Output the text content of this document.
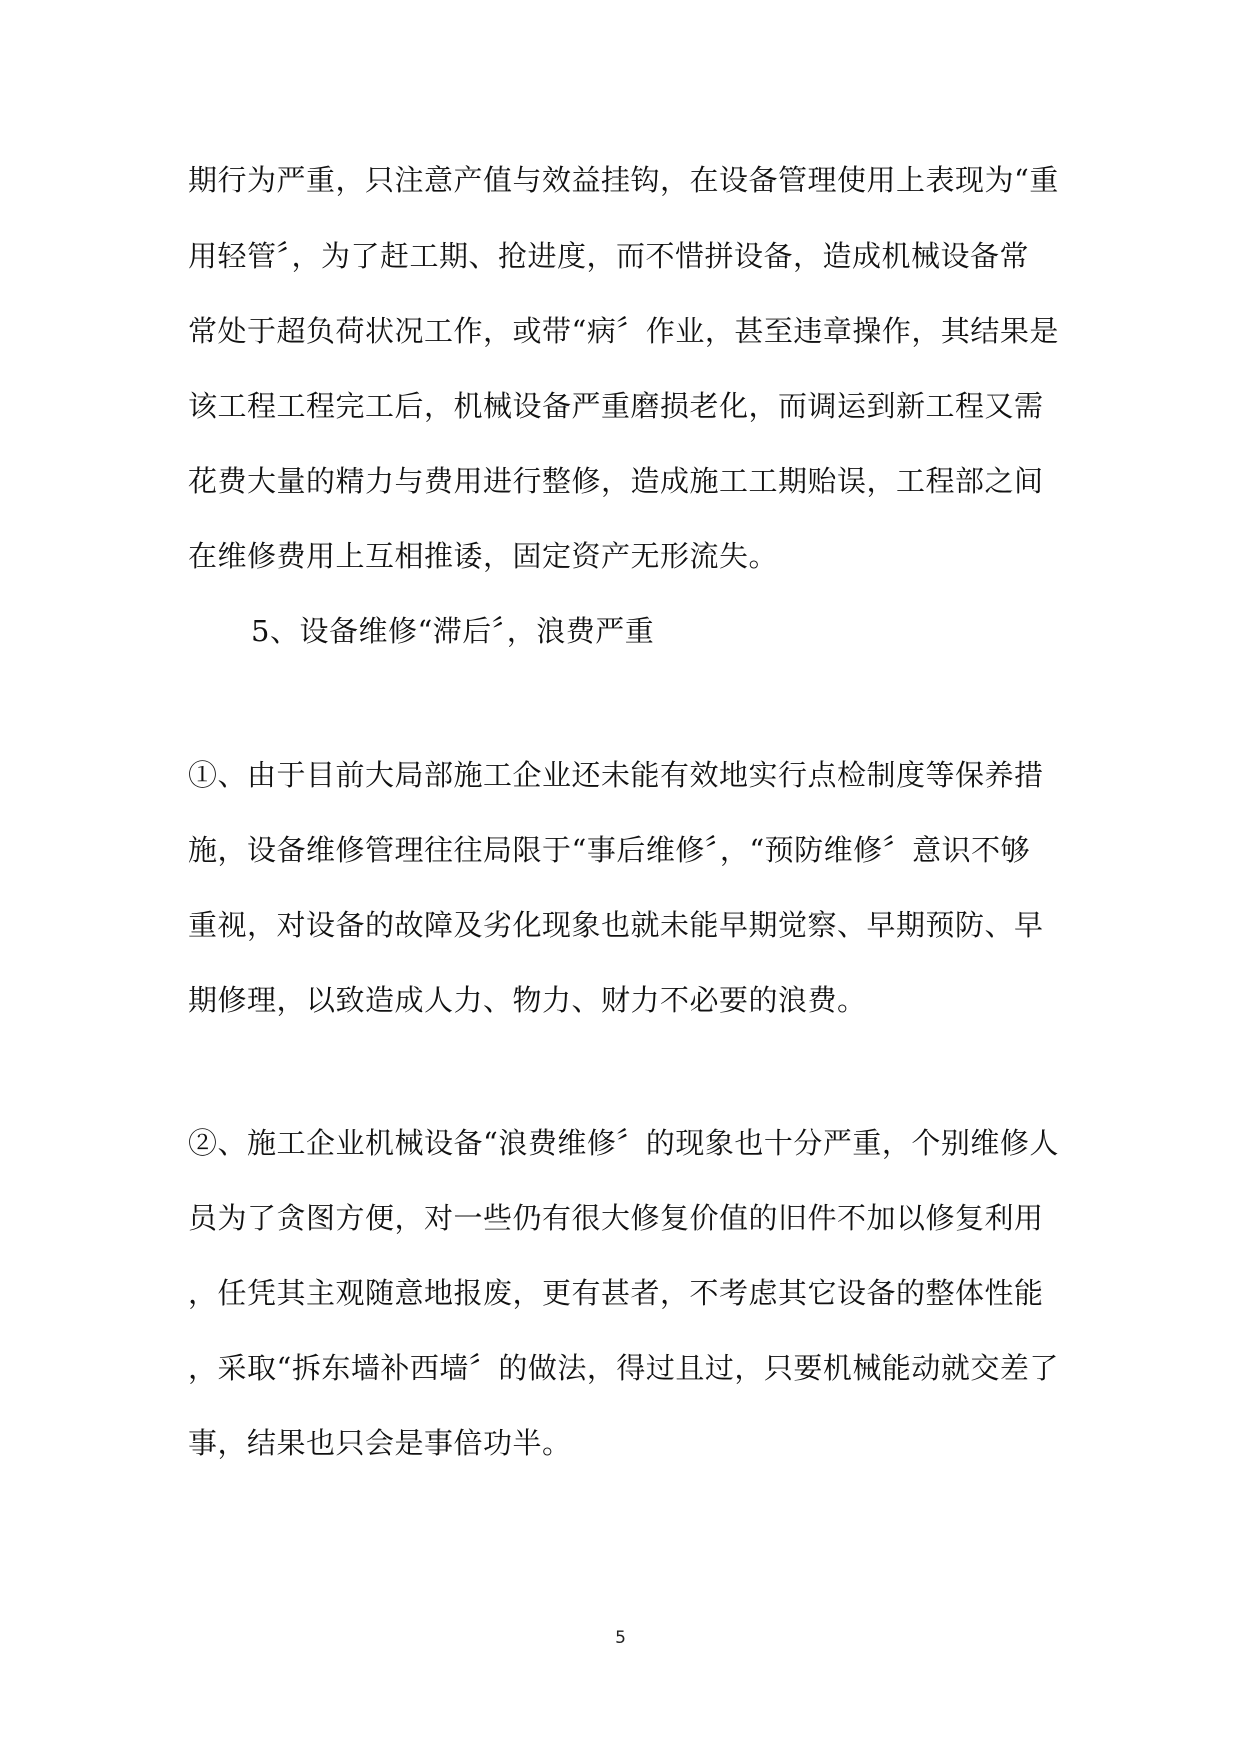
期行为严重，只注意产值与效益挂钩，在设备管理使用上表现为“重
用轻管〞，为了赶工期、抢进度，而不惜拼设备，造成机械设备常
常处于超负荷状况工作，或带“病〞作业，甚至违章操作，其结果是
该工程工程完工后，机械设备严重磨损老化，而调运到新工程又需
花费大量的精力与费用进行整修，造成施工工期贻误，工程部之间
在维修费用上互相推诿，固定资产无形流失。
5、设备维修“滞后〞，浪费严重
①、由于目前大局部施工企业还未能有效地实行点检制度等保养措
施，设备维修管理往往局限于“事后维修〞，“预防维修〞意识不够
重视，对设备的故障及劣化现象也就未能早期觉察、早期预防、早
期修理，以致造成人力、物力、财力不必要的浪费。
②、施工企业机械设备“浪费维修〞的现象也十分严重，个别维修人
员为了贪图方便，对一些仍有很大修复价值的旧件不加以修复利用
，任凭其主观随意地报废，更有甚者，不考虑其它设备的整体性能
，采取“拆东墙补西墙〞的做法，得过且过，只要机械能动就交差了
事，结果也只会是事倍功半。
5
